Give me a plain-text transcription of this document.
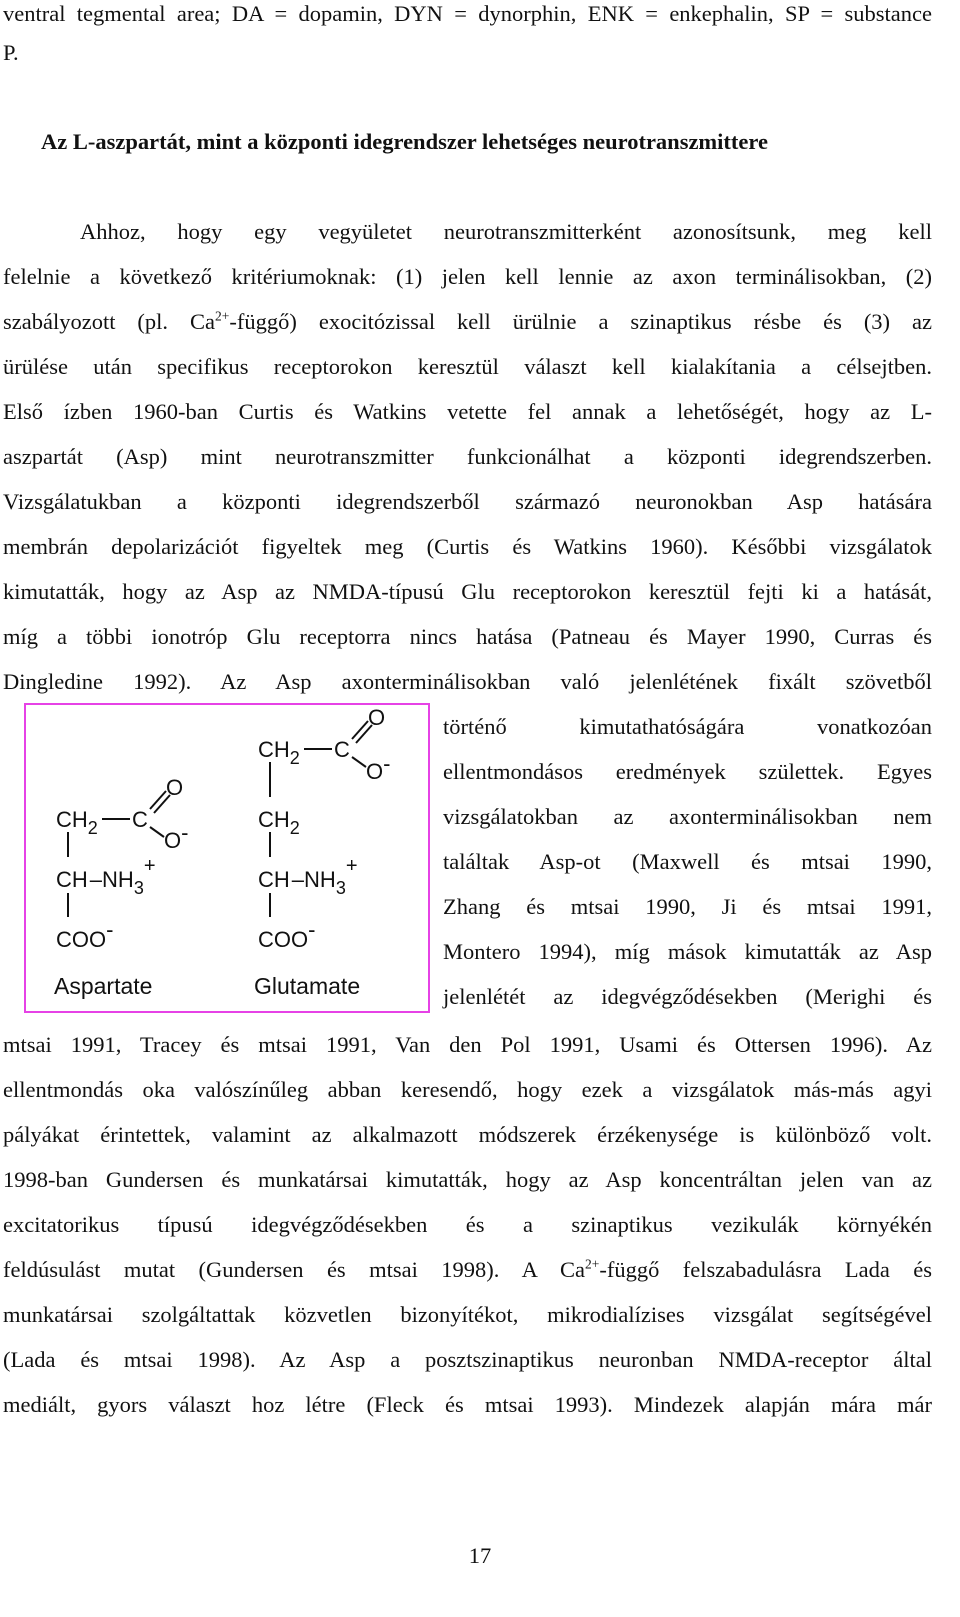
ventral tegmental area; DA = dopamin, DYN = dynorphin, ENK = enkephalin, SP = substance
P.
Az L-aszpartát, mint a központi idegrendszer lehetséges neurotranszmittere
Ahhoz, hogy egy vegyületet neurotranszmitterként azonosítsunk, meg kell
felelnie a következő kritériumoknak: (1) jelen kell lennie az axon terminálisokban, (2)
szabályozott (pl. $Ca^{2+}-függő$) exocitózissal kell ürülnie a szinaptikus résbe és (3) az
ürülése után specifikus receptorokon keresztül választ kell kialakítania a célsejtben.
Első ízben 1960-ban Curtis és Watkins vetette fel annak a lehetőségét, hogy az L-
aszpartát (Asp) mint neurotranszmitter funkcionálhat a központi idegrendszerben.
Vizsgálatukban a központi idegrendszerből származó neuronokban Asp hatására
membrán depolarizációt figyeltek meg (Curtis és Watkins 1960). Későbbi vizsgálatok
kimutatták, hogy az Asp az NMDA-típusú Glu receptorokon keresztül fejti ki a hatását,
míg a többi ionotróp Glu receptorra nincs hatása (Patneau és Mayer 1990, Curras és
Dingledine 1992). Az Asp axonterminálisokban való jelenlétének fixált szövetből
$CH_2$ C
O
O-
$CH-NH_3+$
COO-
Aspartate
$CH_2$ C
O
O-
$CH_2$
$CH-NH_3+$
COO-
Glutamate
történő kimutathatóságára vonatkozóan
ellentmondásos eredmények születtek. Egyes
vizsgálatokban az axonterminálisokban nem
találtak Asp-ot (Maxwell és mtsai 1990,
Zhang és mtsai 1990, Ji és mtsai 1991,
Montero 1994), míg mások kimutatták az Asp
jelenlétét az idegvégződésekben (Merighi és
mtsai 1991, Tracey és mtsai 1991, Van den Pol 1991, Usami és Ottersen 1996). Az
ellentmondás oka valószínűleg abban keresendő, hogy ezek a vizsgálatok más-más agyi
pályákat érintettek, valamint az alkalmazott módszerek érzékenysége is különböző volt.
1998-ban Gundersen és munkatársai kimutatták, hogy az Asp koncentráltan jelen van az
excitatorikus típusú idegvégződésekben és a szinaptikus vezikulák környékén
feldúsulást mutat (Gundersen és mtsai 1998). A $Ca^{2+}$-függő felszabadulásra Lada és
munkatársai szolgáltattak közvetlen bizonyítékot, mikrodialízises vizsgálat segítségével
(Lada és mtsai 1998). Az Asp a posztszinaptikus neuronban NMDA-receptor által
mediált, gyors választ hoz létre (Fleck és mtsai 1993). Mindezek alapján mára már
17
